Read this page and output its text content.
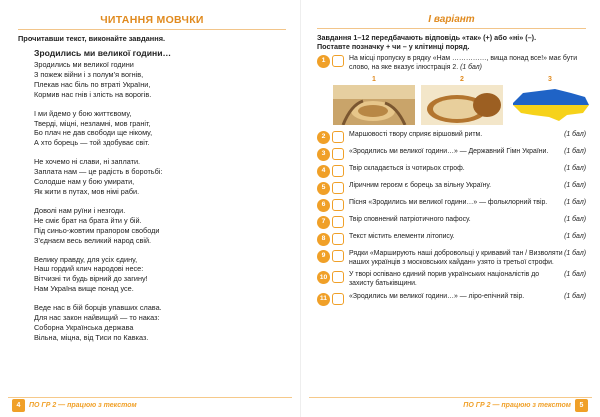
ЧИТАННЯ МОВЧКИ
Прочитавши текст, виконайте завдання.
Зродились ми великої години…
Зродились ми великої години
З пожеж війни і з полум’я вогнів,
Плекав нас біль по втраті України,
Кормив нас гнів і злість на ворогів.
І ми йдемо у бою життєвому,
Тверді, міцні, незламні, мов граніт,
Бо плач не дав свободи ще нікому,
А хто борець — той здобуває світ.
Не хочемо ні слави, ні заплати.
Заплата нам — це радість в боротьбі:
Солодше нам у бою умирати,
Як жити в путах, мов німі раби.
Доволі нам руїни і незгоди.
Не сміє брат на брата йти у бій.
Під синьо-жовтим прапором свободи
З’єднаєм весь великий народ свій.
Велику правду, для усіх єдину,
Наш гордий клич народові несе:
Вітчизні ти будь вірний до загину!
Нам Україна вище понад усе.
Веде нас в бій борців упавших слава.
Для нас закон найвищий — то наказ:
Соборна Українська держава
Вільна, міцна, від Тиси по Кавказ.
4	ПО ГР 2 — працюю з текстом
І варіант
Завдання 1–12 передбачають відповідь «так» (+) або «ні» (–).
Поставте позначку + чи – у клітинці поряд.
1	На місці пропуску в рядку «Нам ……………, вища понад все!» має бути слово, на яке вказує ілюстрація 2. (1 бал)
1	2	3
2	(1 бал)
Маршовості твору сприяє віршовий ритм.
3	(1 бал)
«Зродились ми великої години…» — Державний Гімн України.
4	(1 бал)
Твір складається із чотирьох строф.
5	(1 бал)
Ліричним героєм є борець за вільну Україну.
6	(1 бал)
Пісня «Зродились ми великої години…» — фольклорний твір.
7	(1 бал)
Твір сповнений патріотичного пафосу.
8	(1 бал)
Текст містить елементи літопису.
9	(1 бал)
Рядки «Марширують наші добровольці у кривавий тан / Визволяти наших українців з московських кайдан» узято із третьої строфи.
10	(1 бал)
У творі оспівано єдиний порив українських націоналістів до захисту батьківщини.
11	(1 бал)
«Зродились ми великої години…» — ліро-епічний твір.
ПО ГР 2 — працюю з текстом	5
